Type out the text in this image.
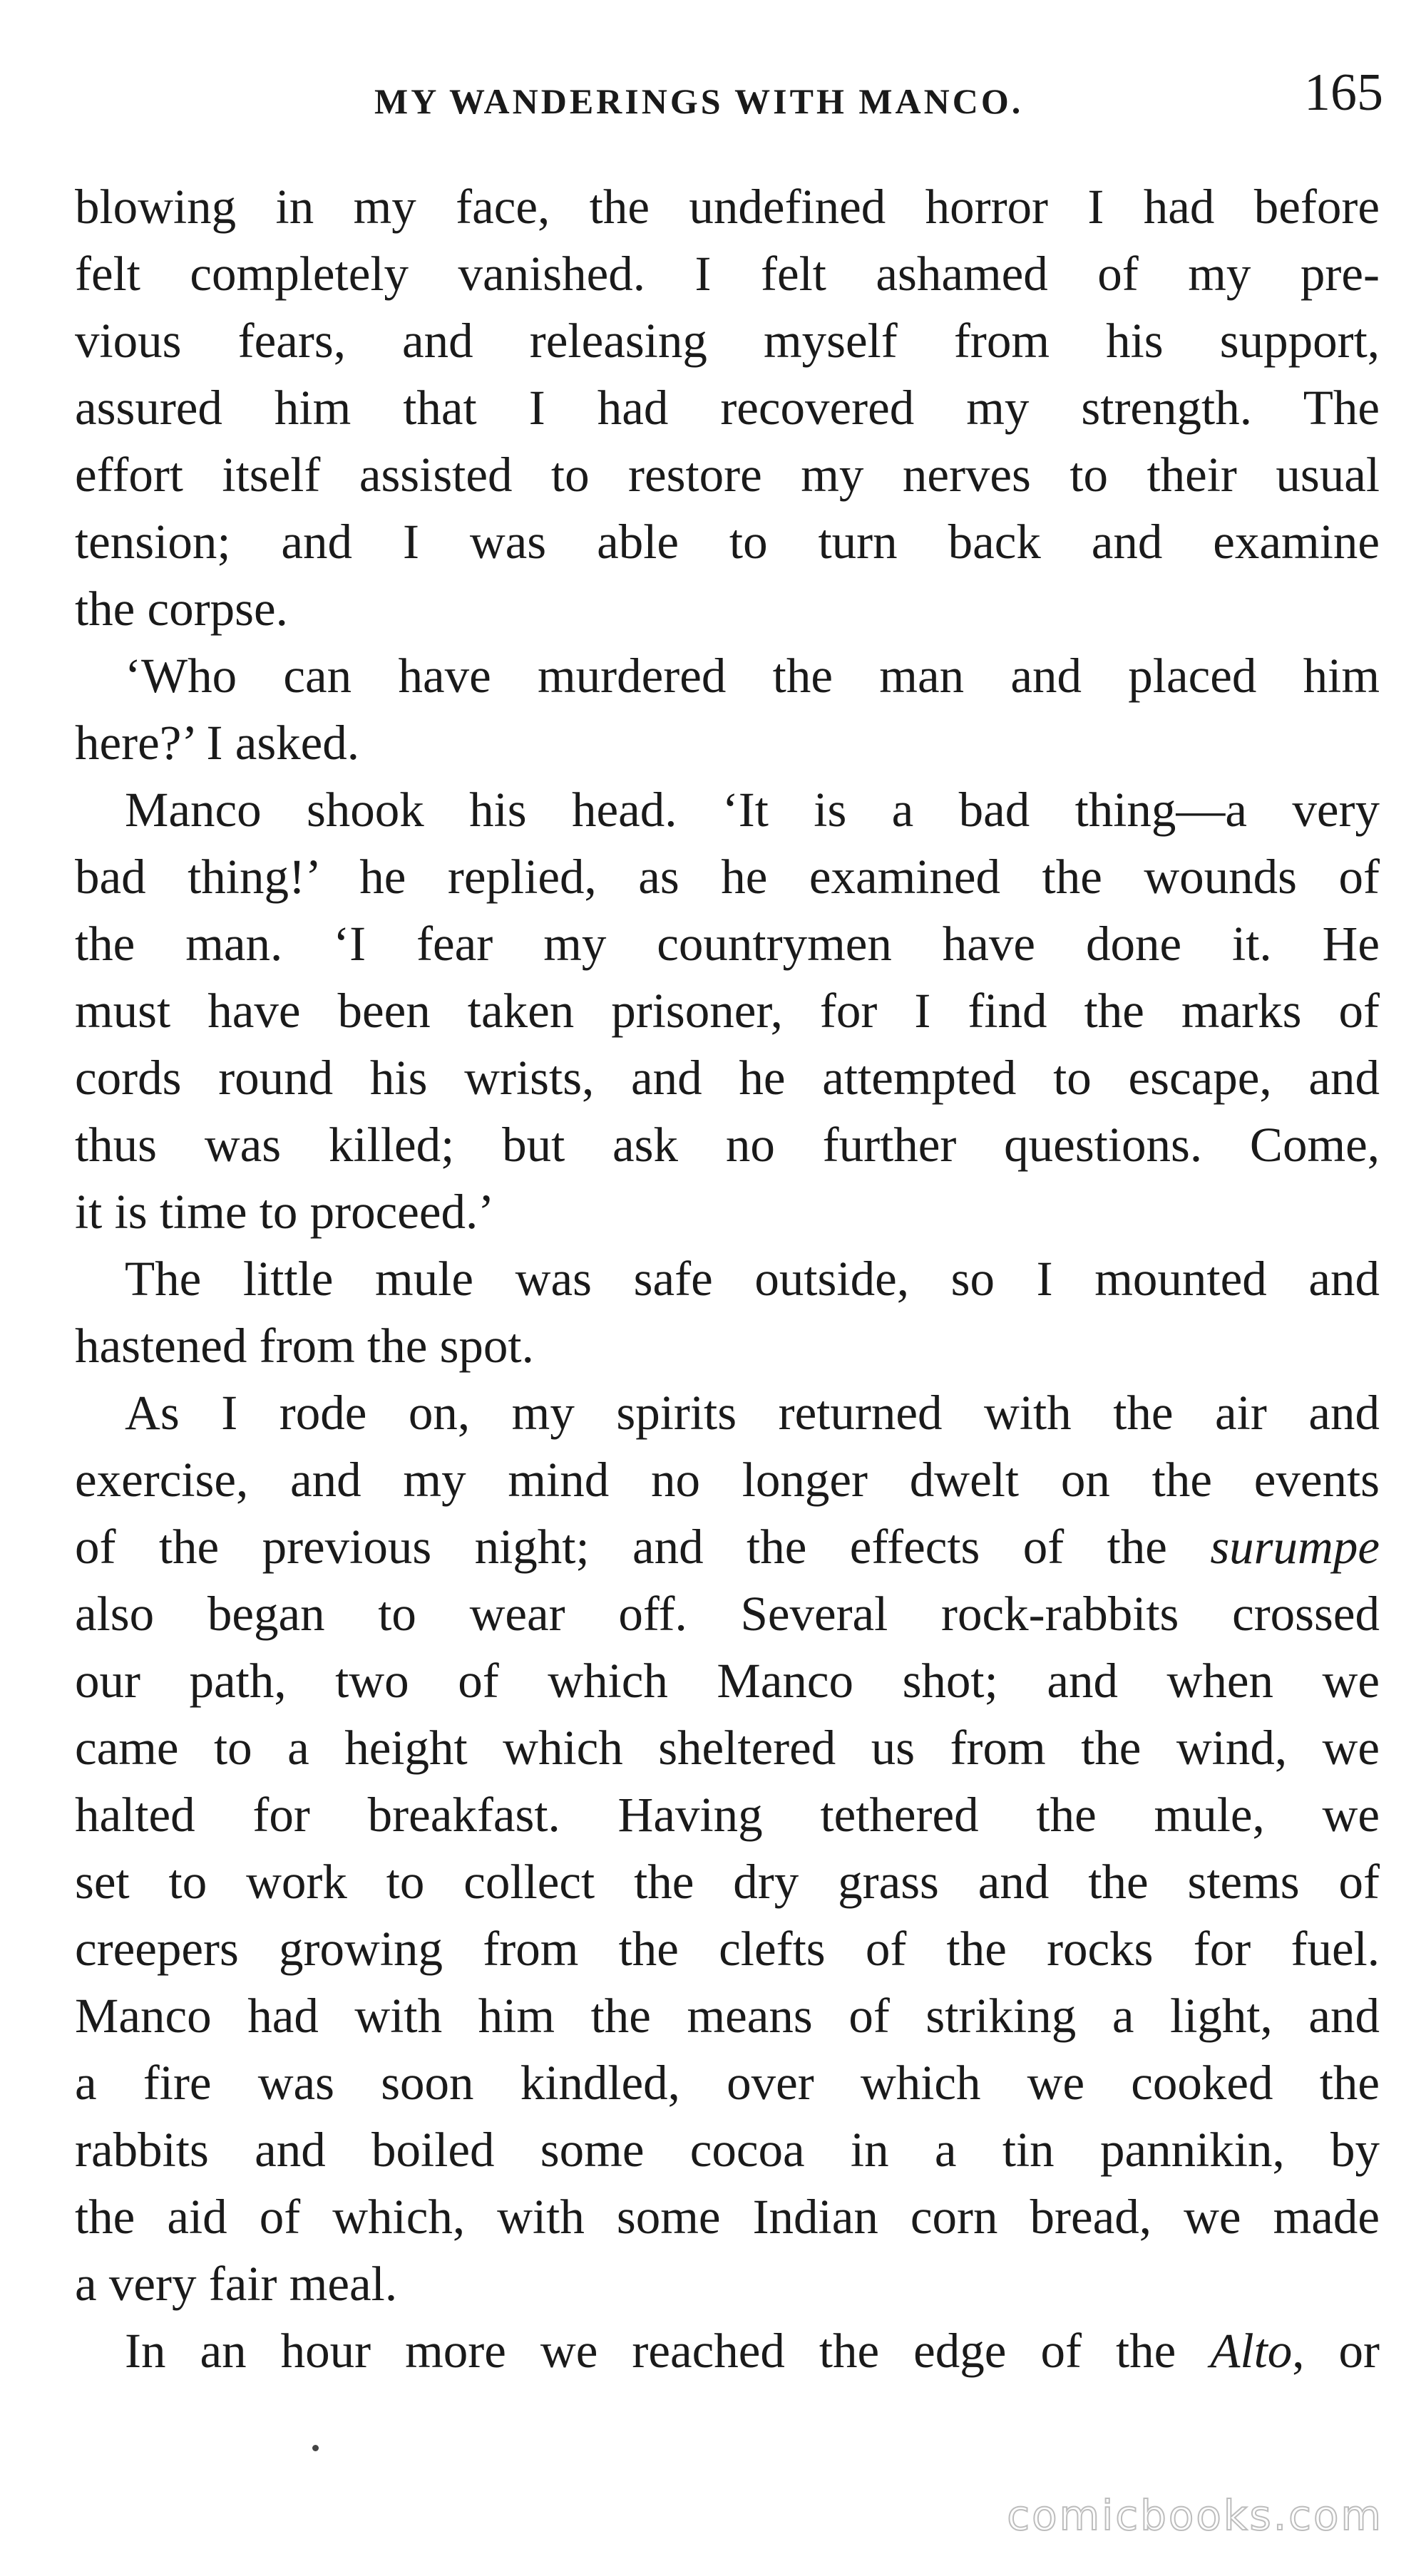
MY WANDERINGS WITH MANCO.	165
blowing in my face, the undefined horror I had before
felt completely vanished. I felt ashamed of my pre-
vious fears, and releasing myself from his support,
assured him that I had recovered my strength. The
effort itself assisted to restore my nerves to their usual
tension; and I was able to turn back and examine
the corpse.
‘Who can have murdered the man and placed him
here?’ I asked.
Manco shook his head. ‘It is a bad thing—a very
bad thing!’ he replied, as he examined the wounds of
the man. ‘I fear my countrymen have done it. He
must have been taken prisoner, for I find the marks of
cords round his wrists, and he attempted to escape, and
thus was killed; but ask no further questions. Come,
it is time to proceed.’
The little mule was safe outside, so I mounted and
hastened from the spot.
As I rode on, my spirits returned with the air and
exercise, and my mind no longer dwelt on the events
of the previous night; and the effects of the surumpe
also began to wear off. Several rock-rabbits crossed
our path, two of which Manco shot; and when we
came to a height which sheltered us from the wind, we
halted for breakfast. Having tethered the mule, we
set to work to collect the dry grass and the stems of
creepers growing from the clefts of the rocks for fuel.
Manco had with him the means of striking a light, and
a fire was soon kindled, over which we cooked the
rabbits and boiled some cocoa in a tin pannikin, by
the aid of which, with some Indian corn bread, we made
a very fair meal.
In an hour more we reached the edge of the Alto, or
comicbooks.com
